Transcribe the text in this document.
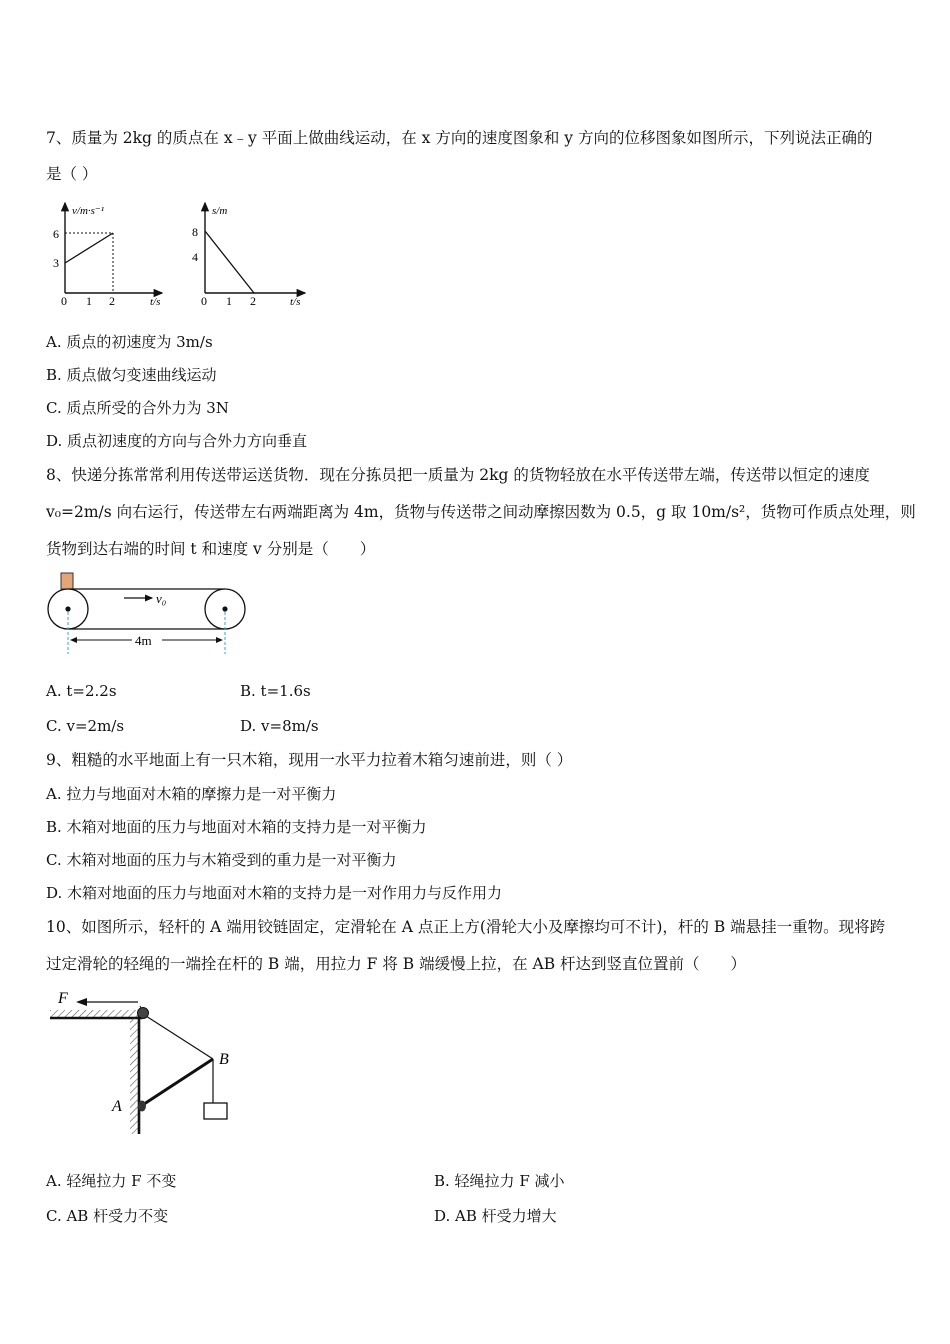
7、质量为 2kg 的质点在 x﹣y 平面上做曲线运动，在 x 方向的速度图象和 y 方向的位移图象如图所示，下列说法正确的
是（ ）
v/m·s⁻¹
t/s
6
3
0 1 2
s/m
t/s
8
4
0 1 2
A. 质点的初速度为 3m/s
B. 质点做匀变速曲线运动
C. 质点所受的合外力为 3N
D. 质点初速度的方向与合外力方向垂直
8、快递分拣常常利用传送带运送货物．现在分拣员把一质量为 2kg 的货物轻放在水平传送带左端，传送带以恒定的速度
v₀=2m/s 向右运行，传送带左右两端距离为 4m，货物与传送带之间动摩擦因数为 0.5，g 取 10m/s²，货物可作质点处理，则
货物到达右端的时间 t 和速度 v 分别是（　　）
v₀
4m
A. t=2.2s	B. t=1.6s
C. v=2m/s	D. v=8m/s
9、粗糙的水平地面上有一只木箱，现用一水平力拉着木箱匀速前进，则（ ）
A. 拉力与地面对木箱的摩擦力是一对平衡力
B. 木箱对地面的压力与地面对木箱的支持力是一对平衡力
C. 木箱对地面的压力与木箱受到的重力是一对平衡力
D. 木箱对地面的压力与地面对木箱的支持力是一对作用力与反作用力
10、如图所示，轻杆的 A 端用铰链固定，定滑轮在 A 点正上方(滑轮大小及摩擦均可不计)，杆的 B 端悬挂一重物。现将跨
过定滑轮的轻绳的一端拴在杆的 B 端，用拉力 F 将 B 端缓慢上拉，在 AB 杆达到竖直位置前（　　）
F
B
A
A. 轻绳拉力 F 不变	B. 轻绳拉力 F 减小
C. AB 杆受力不变	D. AB 杆受力增大
